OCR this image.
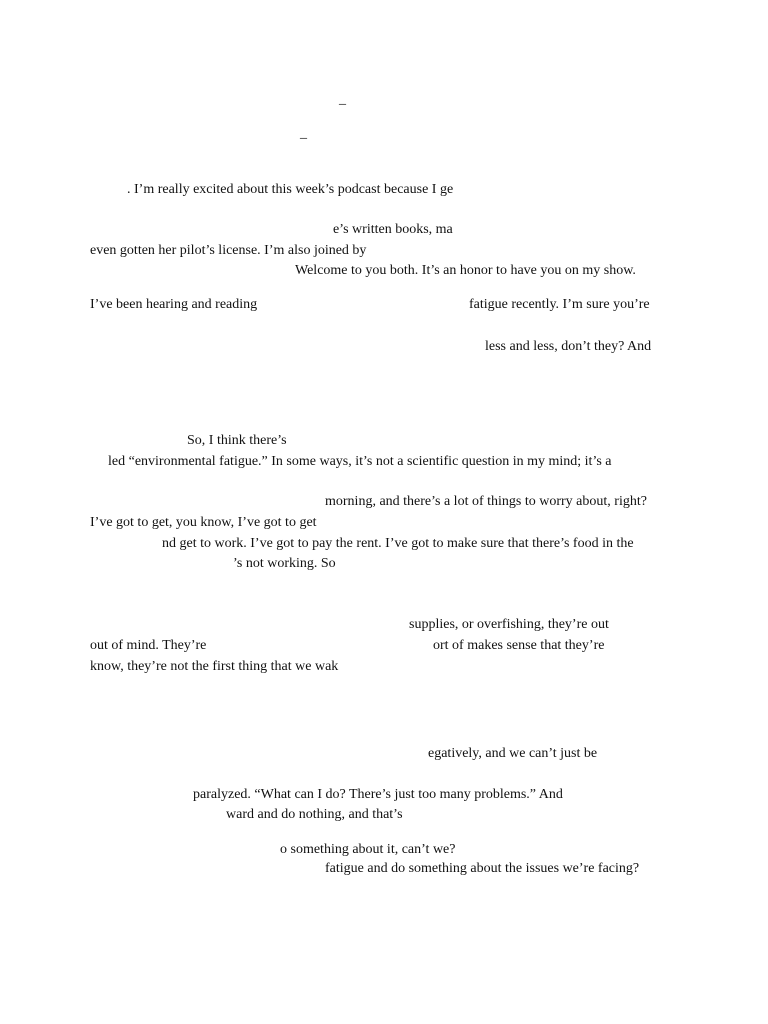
_
_
. I’m really excited about this week’s podcast because I ge
e’s written books, ma
even gotten her pilot’s license. I’m also joined by
Welcome to you both. It’s an honor to have you on my show.
I’ve been hearing and reading	fatigue recently. I’m sure you’re
less and less, don’t they? And
So, I think there’s
led “environmental fatigue.” In some ways, it’s not a scientific question in my mind; it’s a
morning, and there’s a lot of things to worry about, right?
I’ve got to get, you know, I’ve got to get
nd get to work. I’ve got to pay the rent. I’ve got to make sure that there’s food in the
’s not working. So
supplies, or overfishing, they’re out
out of mind. They’re	ort of makes sense that they’re
know, they’re not the first thing that we wak
egatively, and we can’t just be
paralyzed. “What can I do? There’s just too many problems.” And
ward and do nothing, and that’s
o something about it, can’t we?
fatigue and do something about the issues we’re facing?
